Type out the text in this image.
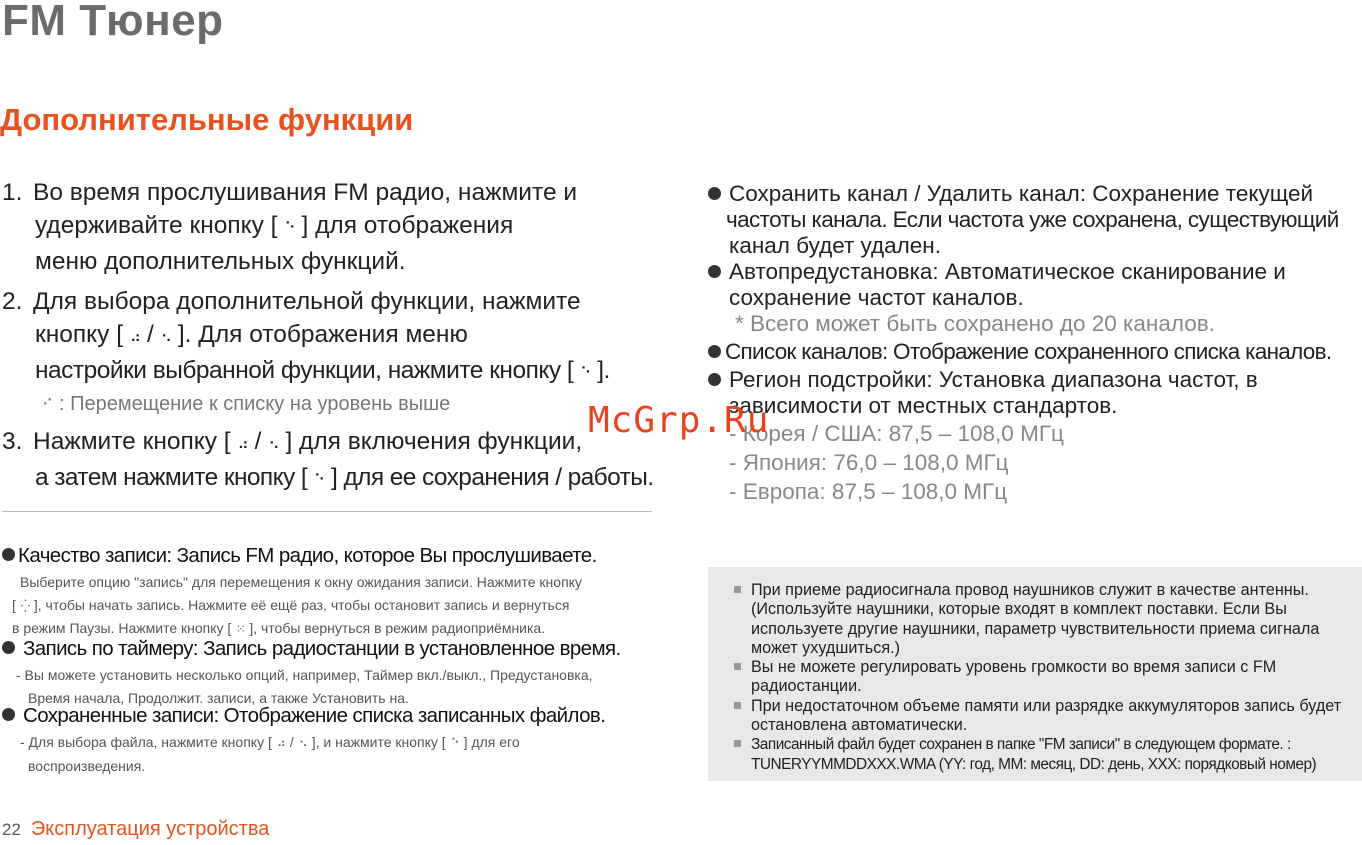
FM Тюнер
Дополнительные функции
1. Во время прослушивания FM радио, нажмите и
удерживайте кнопку [ ⠑ ] для отображения
меню дополнительных функций.
2. Для выбора дополнительной функции, нажмите
кнопку [ ⠴ / ⠢ ]. Для отображения меню
настройки выбранной функции, нажмите кнопку [ ⠑ ].
⠊ : Перемещение к списку на уровень выше
3. Нажмите кнопку [ ⠴ / ⠢ ] для включения функции,
а затем нажмите кнопку [ ⠑ ] для ее сохранения / работы.
Сохранить канал / Удалить канал: Сохранение текущей
частоты канала. Если частота уже сохранена, существующий
канал будет удален.
Автопредустановка: Автоматическое сканирование и
сохранение частот каналов.
* Всего может быть сохранено до 20 каналов.
Список каналов: Отображение сохраненного списка каналов.
Регион подстройки: Установка диапазона частот, в
зависимости от местных стандартов.
- Корея / США: 87,5 – 108,0 МГц
- Япония: 76,0 – 108,0 МГц
- Европа: 87,5 – 108,0 МГц
Качество записи: Запись FM радио, которое Вы прослушиваете.
Выберите опцию "запись" для перемещения к окну ожидания записи. Нажмите кнопку
[ ⁛ ], чтобы начать запись. Нажмите её ещё раз, чтобы остановит запись и вернуться
в режим Паузы. Нажмите кнопку [ ⁙ ], чтобы вернуться в режим радиоприёмника.
Запись по таймеру: Запись радиостанции в установленное время.
- Вы можете установить несколько опций, например, Таймер вкл./выкл., Предустановка,
Время начала, Продолжит. записи, а также Установить на.
Сохраненные записи: Отображение списка записанных файлов.
- Для выбора файла, нажмите кнопку [ ⠴ / ⠢ ], и нажмите кнопку [ ⠑ ] для его
воспроизведения.
При приеме радиосигнала провод наушников служит в качестве антенны. (Используйте наушники, которые входят в комплект поставки. Если Вы используете другие наушники, параметр чувствительности приема сигнала может ухудшиться.)
Вы не можете регулировать уровень громкости во время записи с FM радиостанции.
При недостаточном объеме памяти или разрядке аккумуляторов запись будет остановлена автоматически.
Записанный файл будет сохранен в папке "FM записи" в следующем формате. : TUNERYYMMDDXXX.WMA (YY: год, MM: месяц, DD: день, XXX: порядковый номер)
22 Эксплуатация устройства
McGrp.Ru
